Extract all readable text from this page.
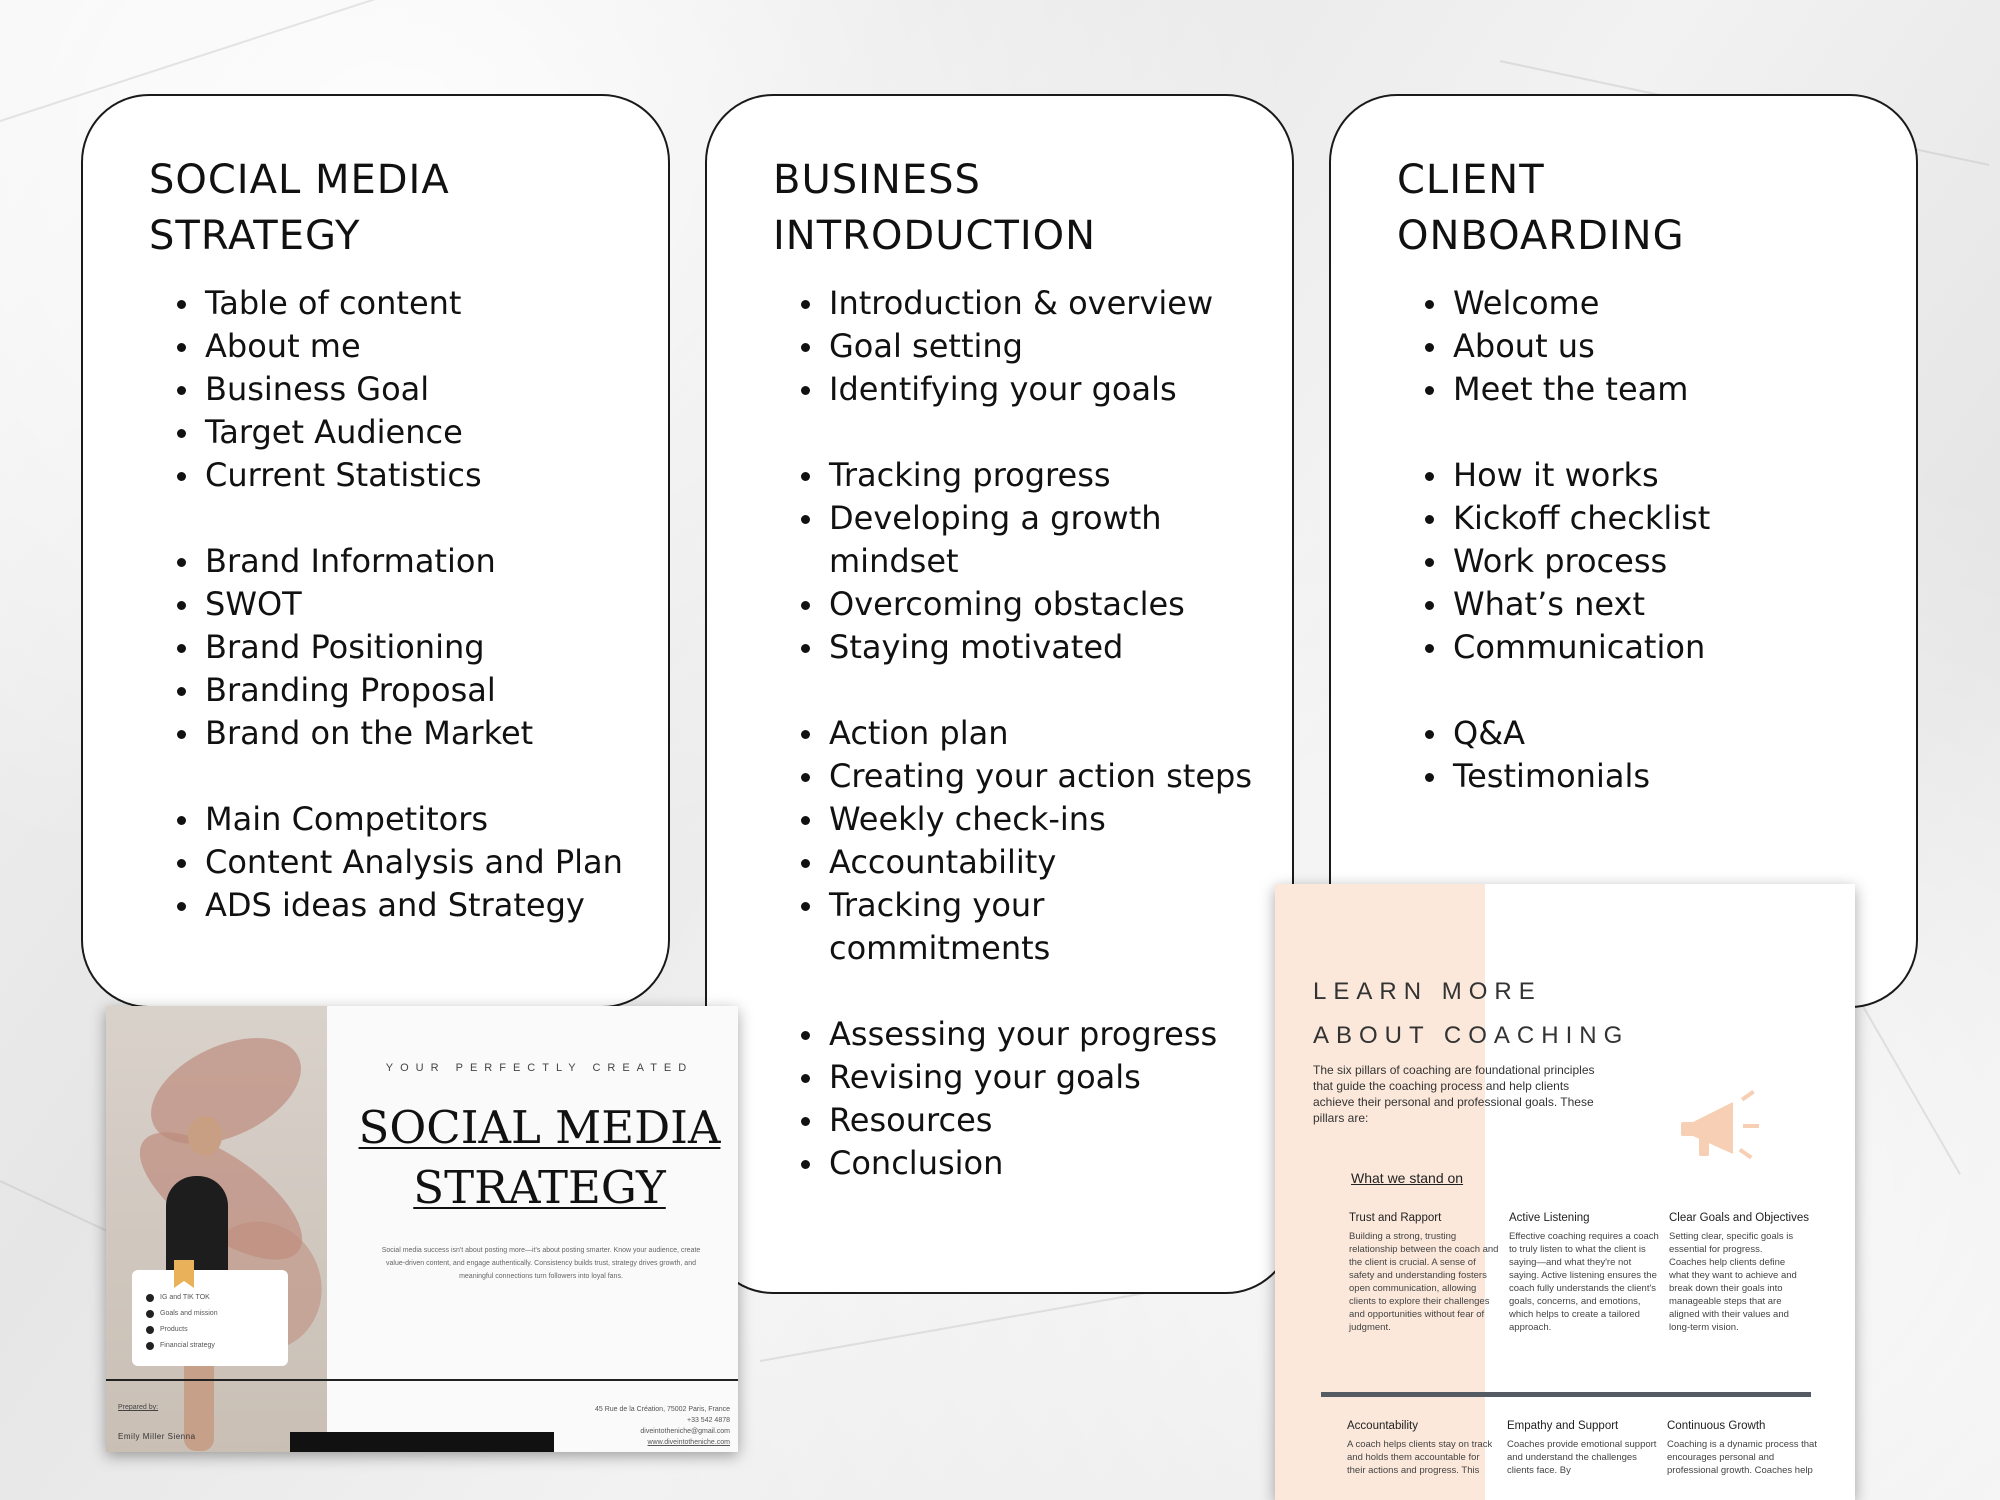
SOCIAL MEDIA
STRATEGY
Table of content
About me
Business Goal
Target Audience
Current Statistics
Brand Information
SWOT
Brand Positioning
Branding Proposal
Brand on the Market
Main Competitors
Content Analysis and Plan
ADS ideas and Strategy
BUSINESS
INTRODUCTION
Introduction & overview
Goal setting
Identifying your goals
Tracking progress
Developing a growth mindset
Overcoming obstacles
Staying motivated
Action plan
Creating your action steps
Weekly check-ins
Accountability
Tracking your commitments
Assessing your progress
Revising your goals
Resources
Conclusion
CLIENT
ONBOARDING
Welcome
About us
Meet the team
How it works
Kickoff checklist
Work process
What’s next
Communication
Q&A
Testimonials
IG and TIK TOK
Goals and mission
Products
Financial strategy
YOUR PERFECTLY CREATED
SOCIAL MEDIA
STRATEGY
Social media success isn't about posting more—it's about posting smarter. Know your audience, create value-driven content, and engage authentically. Consistency builds trust, strategy drives growth, and meaningful connections turn followers into loyal fans.
Prepared by:
Emily Miller Sienna
45 Rue de la Création, 75002 Paris, France
+33 542 4878
diveintotheniche@gmail.com
www.diveintotheniche.com
LEARN MORE
ABOUT COACHING
The six pillars of coaching are foundational principles that guide the coaching process and help clients achieve their personal and professional goals. These pillars are:
What we stand on
Trust and Rapport
Building a strong, trusting relationship between the coach and the client is crucial. A sense of safety and understanding fosters open communication, allowing clients to explore their challenges and opportunities without fear of judgment.
Active Listening
Effective coaching requires a coach to truly listen to what the client is saying—and what they're not saying. Active listening ensures the coach fully understands the client's goals, concerns, and emotions, which helps to create a tailored approach.
Clear Goals and Objectives
Setting clear, specific goals is essential for progress. Coaches help clients define what they want to achieve and break down their goals into manageable steps that are aligned with their values and long-term vision.
Accountability
A coach helps clients stay on track and holds them accountable for their actions and progress. This
Empathy and Support
Coaches provide emotional support and understand the challenges clients face. By
Continuous Growth
Coaching is a dynamic process that encourages personal and professional growth. Coaches help
